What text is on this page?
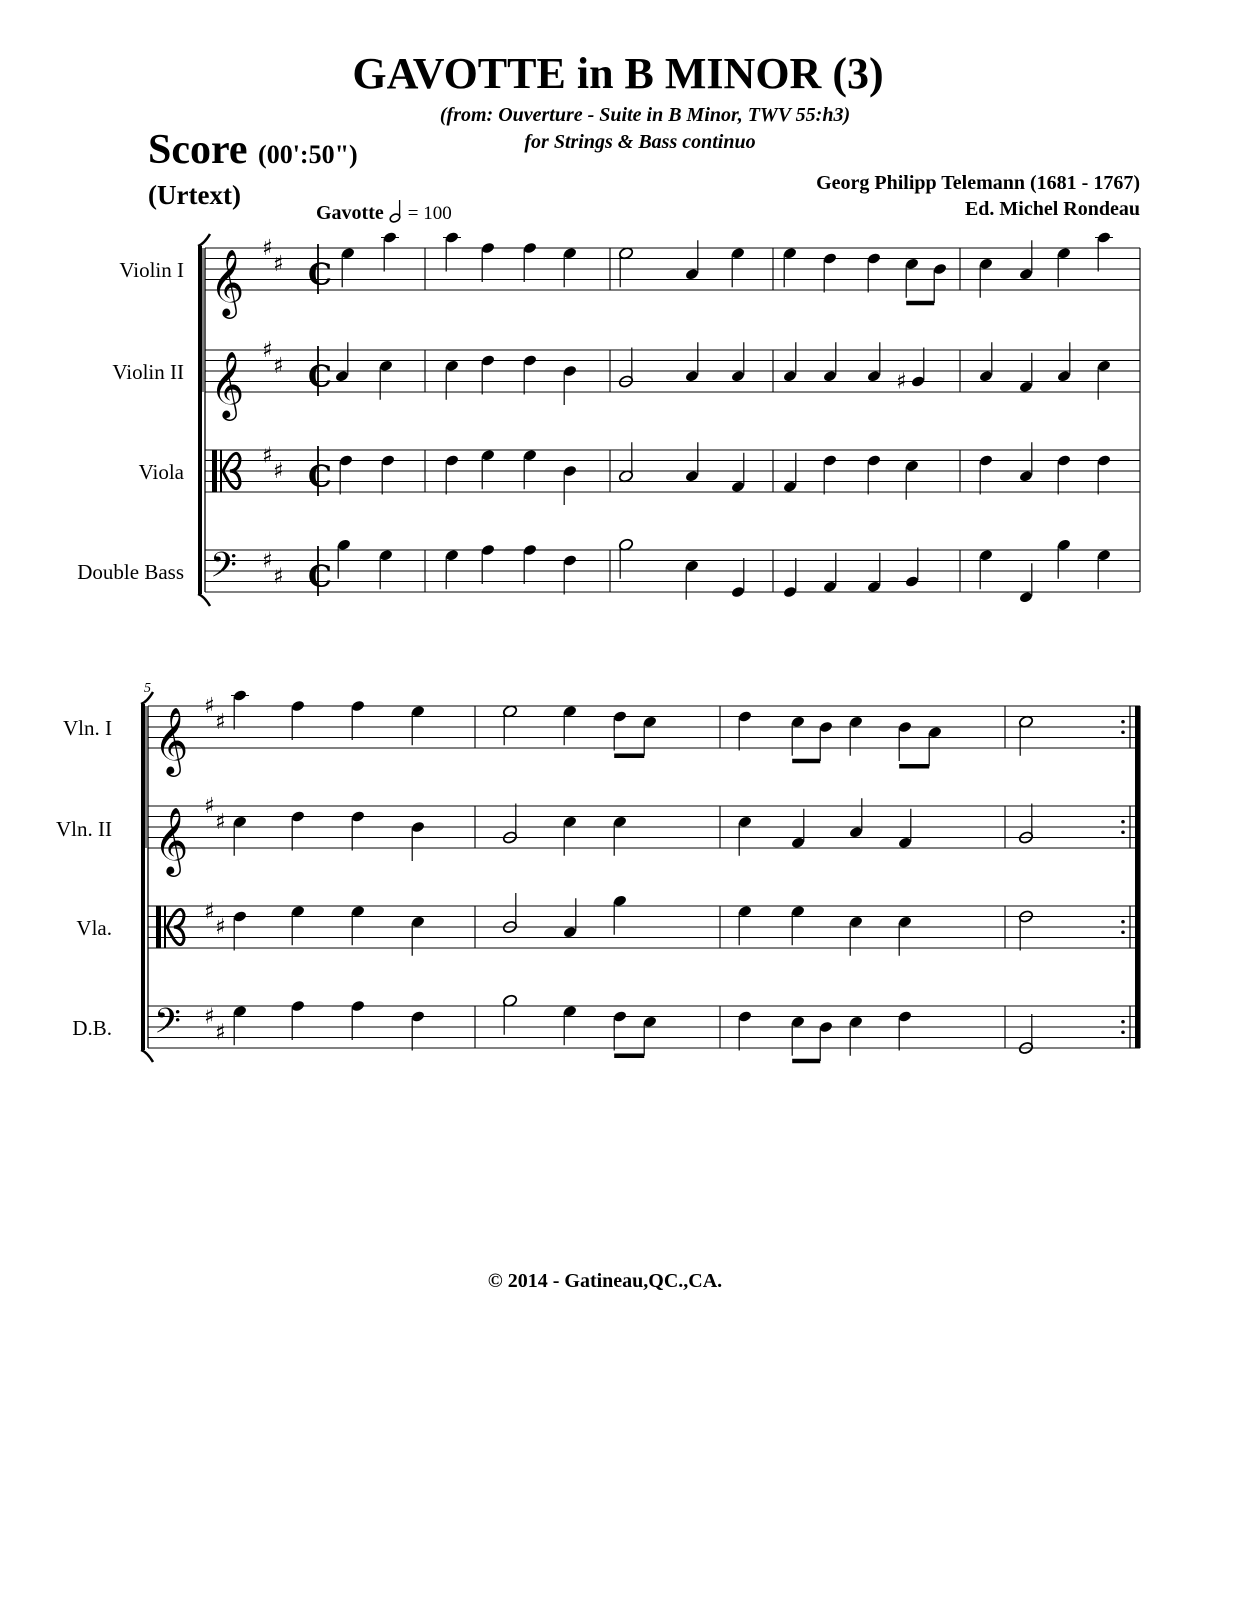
GAVOTTE in B MINOR (3)
(from: Ouverture - Suite in B Minor, TWV 55:h3)
for Strings & Bass continuo
Score (00':50")
(Urtext)	Georg Philipp Telemann (1681 - 1767)
Ed. Michel Rondeau
Gavotte = 100
Violin I
Violin II
Viola
Double Bass
Vln. I
Vln. II
Vla.
D.B.
𝄞 ♯
♯ C
𝄞 ♯
♯ C	♯
♯
♯ C
𝄢 ♯
♯ C
𝄞 ♯
♯
𝄞 ♯
♯
♯
♯
𝄢 ♯
♯
5
© 2014 - Gatineau,QC.,CA.
